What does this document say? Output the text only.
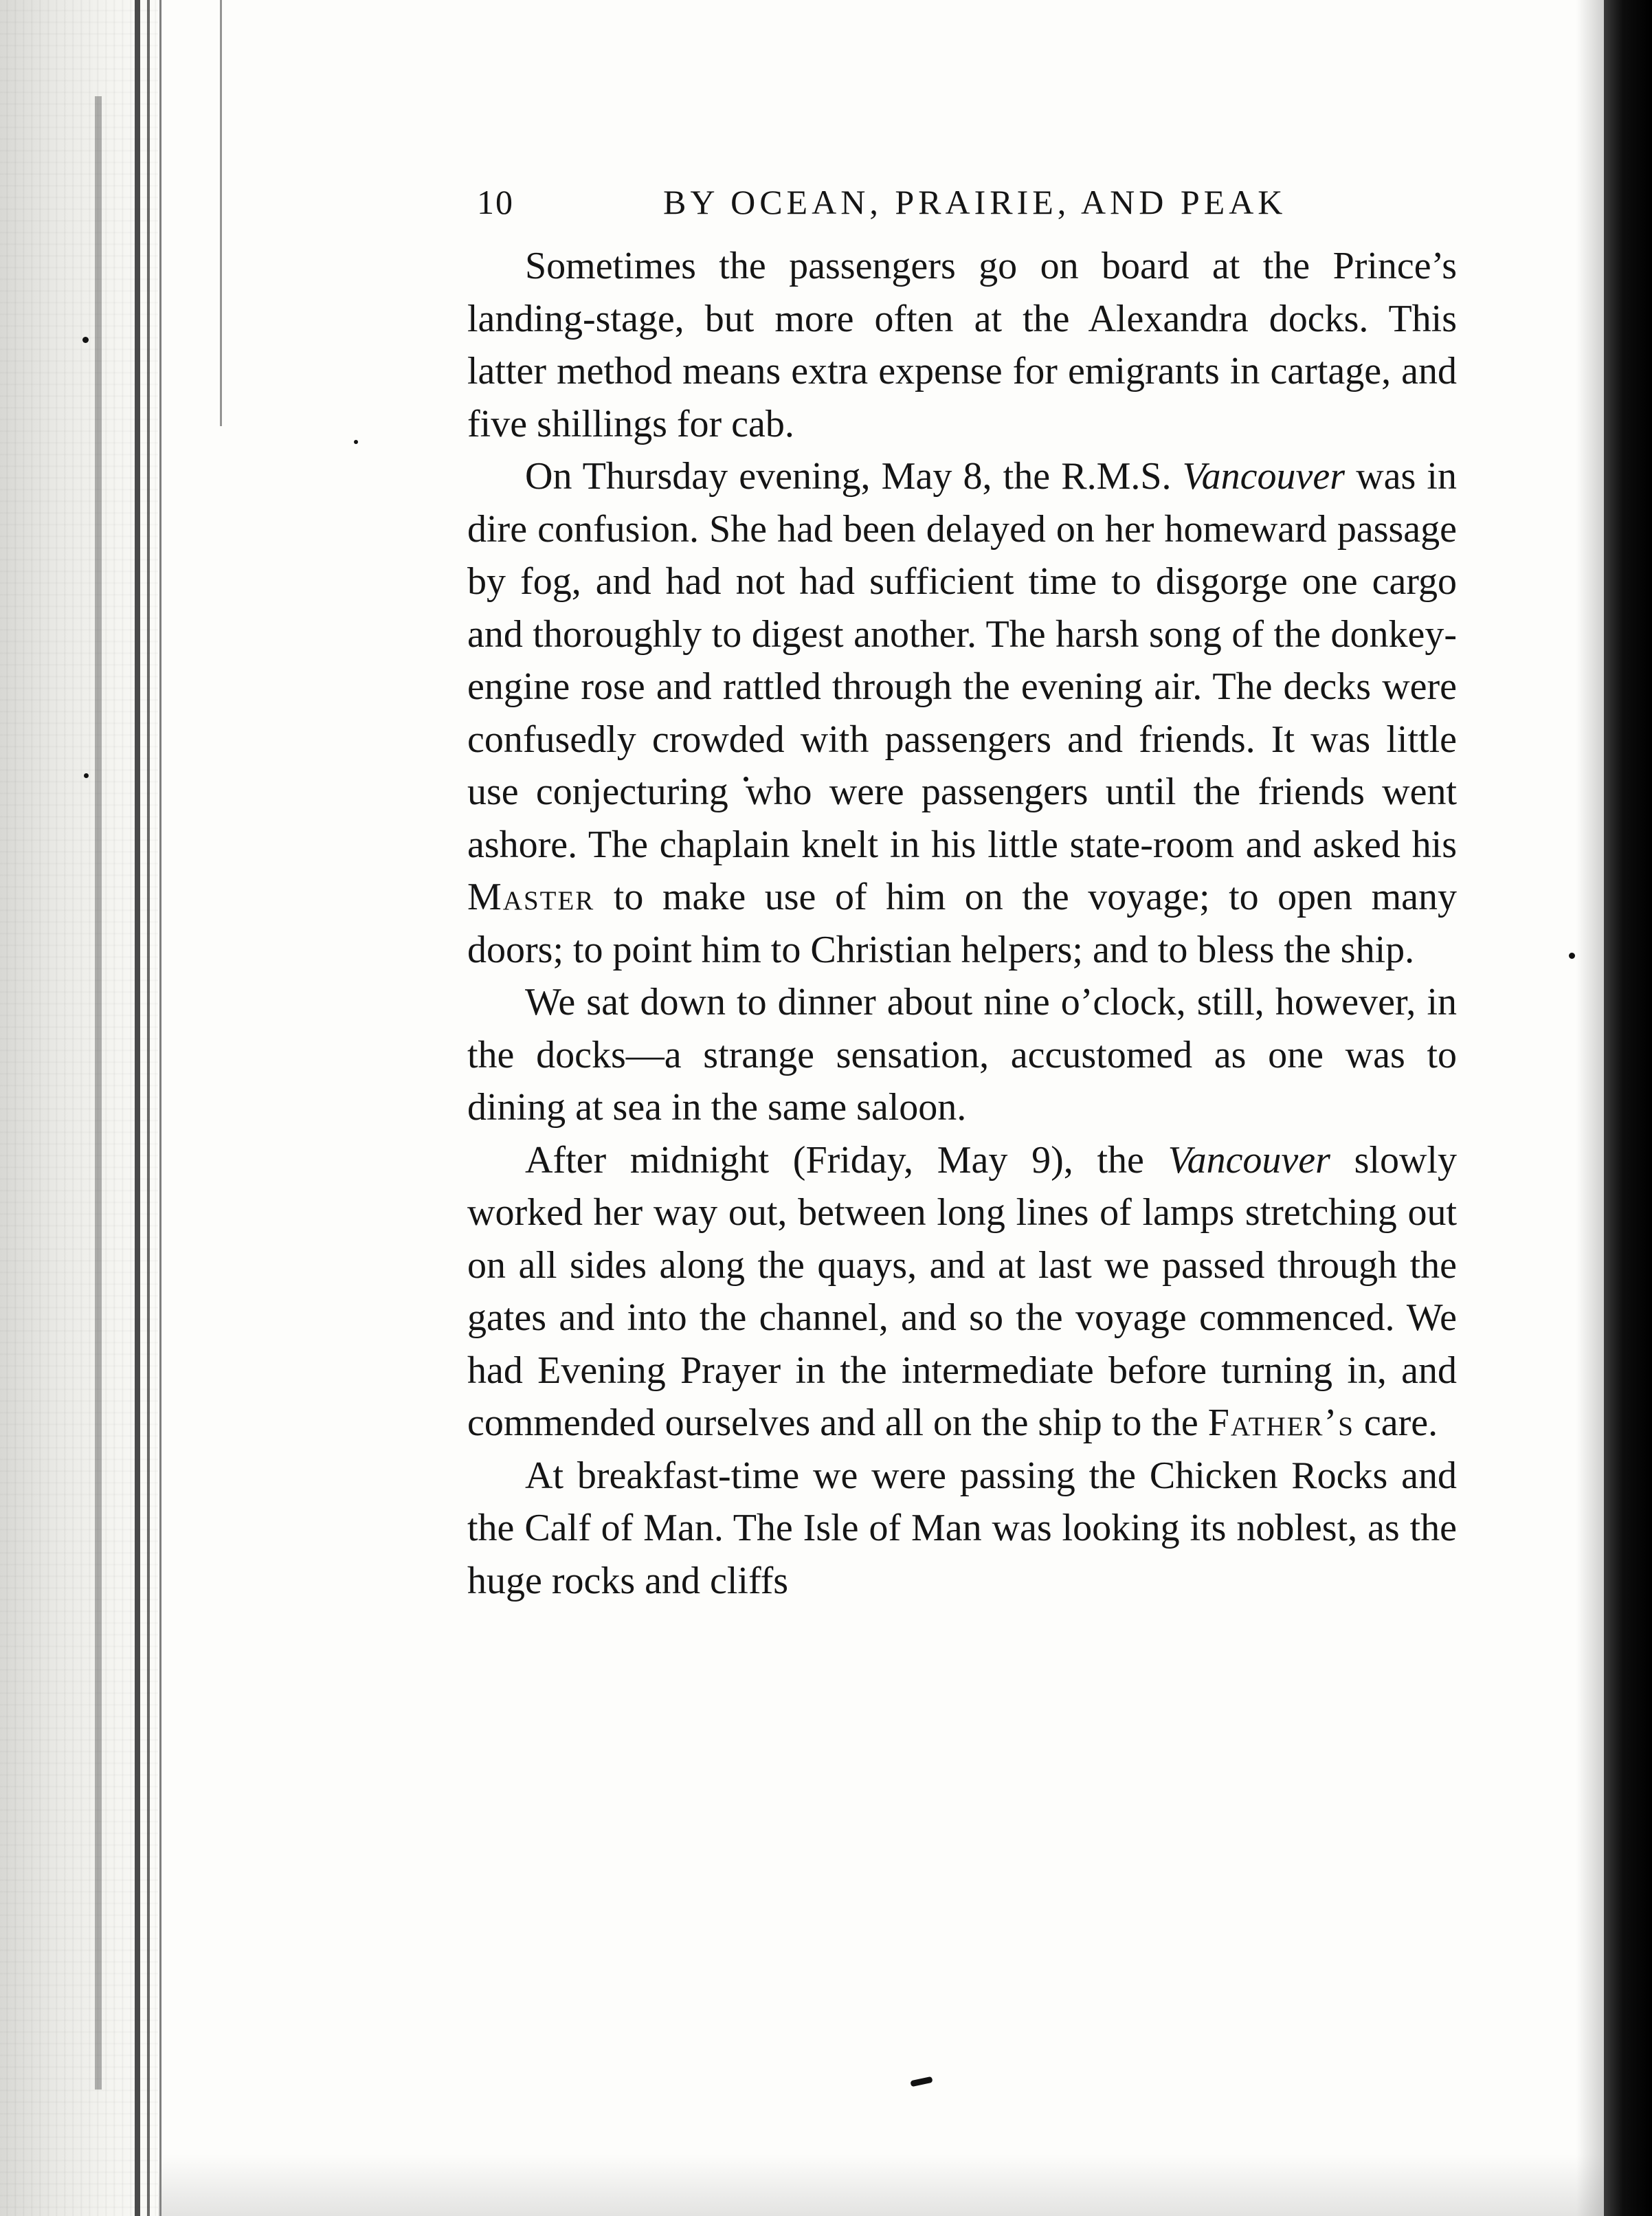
10	BY OCEAN, PRAIRIE, AND PEAK

Sometimes the passengers go on board at the Prince’s landing-stage, but more often at the Alexandra docks. This latter method means extra expense for emigrants in cartage, and five shillings for cab.

On Thursday evening, May 8, the R.M.S. Vancouver was in dire confusion. She had been delayed on her homeward passage by fog, and had not had sufficient time to disgorge one cargo and thoroughly to digest another. The harsh song of the donkey-engine rose and rattled through the evening air. The decks were confusedly crowded with passengers and friends. It was little use conjecturing who were passengers until the friends went ashore. The chaplain knelt in his little state-room and asked his Master to make use of him on the voyage; to open many doors; to point him to Christian helpers; and to bless the ship.

We sat down to dinner about nine o’clock, still, however, in the docks—a strange sensation, accustomed as one was to dining at sea in the same saloon.

After midnight (Friday, May 9), the Vancouver slowly worked her way out, between long lines of lamps stretching out on all sides along the quays, and at last we passed through the gates and into the channel, and so the voyage commenced. We had Evening Prayer in the intermediate before turning in, and commended ourselves and all on the ship to the Father’s care.

At breakfast-time we were passing the Chicken Rocks and the Calf of Man. The Isle of Man was looking its noblest, as the huge rocks and cliffs
